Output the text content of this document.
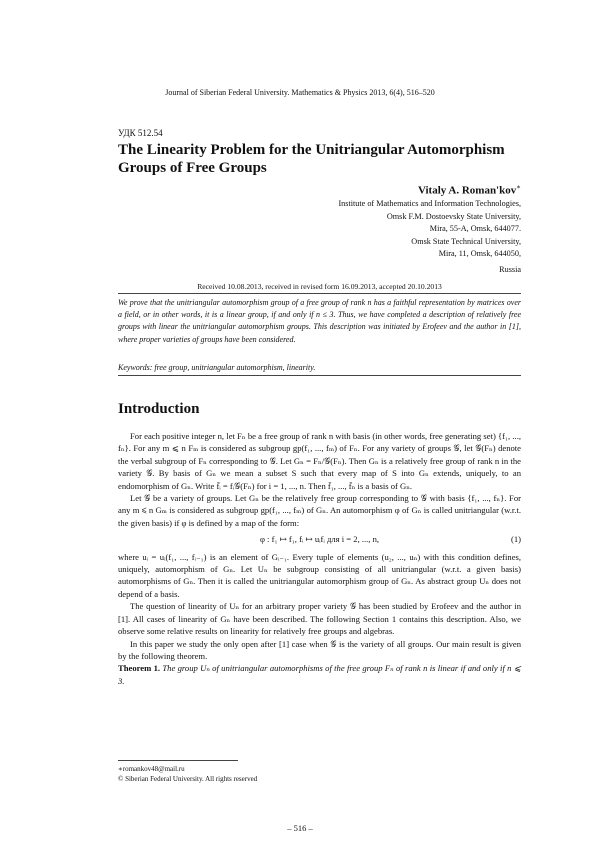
Journal of Siberian Federal University. Mathematics & Physics 2013, 6(4), 516–520
УДК 512.54
The Linearity Problem for the Unitriangular Automorphism Groups of Free Groups
Vitaly A. Roman'kov∗
Institute of Mathematics and Information Technologies,
Omsk F.M. Dostoevsky State University,
Mira, 55-A, Omsk, 644077.
Omsk State Technical University,
Mira, 11, Omsk, 644050,
Russia
Received 10.08.2013, received in revised form 16.09.2013, accepted 20.10.2013
We prove that the unitriangular automorphism group of a free group of rank n has a faithful representation by matrices over a field, or in other words, it is a linear group, if and only if n ≤ 3. Thus, we have completed a description of relatively free groups with linear the unitriangular automorphism groups. This description was initiated by Erofeev and the author in [1], where proper varieties of groups have been considered.
Keywords: free group, unitriangular automorphism, linearity.
Introduction

For each positive integer n, let Fₙ be a free group of rank n with basis (in other words, free generating set) {f₁, ..., fₙ}. For any m ⩽ n Fₘ is considered as subgroup gp(f₁, ..., fₘ) of Fₙ. For any variety of groups 𝒢, let 𝒢(Fₙ) denote the verbal subgroup of Fₙ corresponding to 𝒢. Let Gₙ = Fₙ/𝒢(Fₙ). Then Gₙ is a relatively free group of rank n in the variety 𝒢. By basis of Gₙ we mean a subset S such that every map of S into Gₙ extends, uniquely, to an endomorphism of Gₙ. Write f̄ᵢ = fᵢ𝒢(Fₙ) for i = 1, ..., n. Then f̄₁, ..., f̄ₙ is a basis of Gₙ.

Let 𝒢 be a variety of groups. Let Gₙ be the relatively free group corresponding to 𝒢 with basis {f₁, ..., fₙ}. For any m ⩽ n Gₘ is considered as subgroup gp(f₁, ..., fₘ) of Gₙ. An automorphism φ of Gₙ is called unitriangular (w.r.t. the given basis) if φ is defined by a map of the form:

φ : f₁ ↦ f₁, fᵢ ↦ uᵢfᵢ для i = 2, ..., n,	(1)

where uᵢ = uᵢ(f₁, ..., fᵢ₋₁) is an element of Gᵢ₋₁. Every tuple of elements (u₂, ..., uₙ) with this condition defines, uniquely, automorphism of Gₙ. Let Uₙ be subgroup consisting of all unitriangular (w.r.t. a given basis) automorphisms of Gₙ. Then it is called the unitriangular automorphism group of Gₙ. As abstract group Uₙ does not depend of a basis.

The question of linearity of Uₙ for an arbitrary proper variety 𝒢 has been studied by Erofeev and the author in [1]. All cases of linearity of Gₙ have been described. The following Section 1 contains this description. Also, we observe some relative results on linearity for relatively free groups and algebras.

In this paper we study the only open after [1] case when 𝒢 is the variety of all groups. Our main result is given by the following theorem.

Theorem 1. The group Uₙ of unitriangular automorphisms of the free group Fₙ of rank n is linear if and only if n ⩽ 3.

∗romankov48@mail.ru
© Siberian Federal University. All rights reserved
– 516 –
